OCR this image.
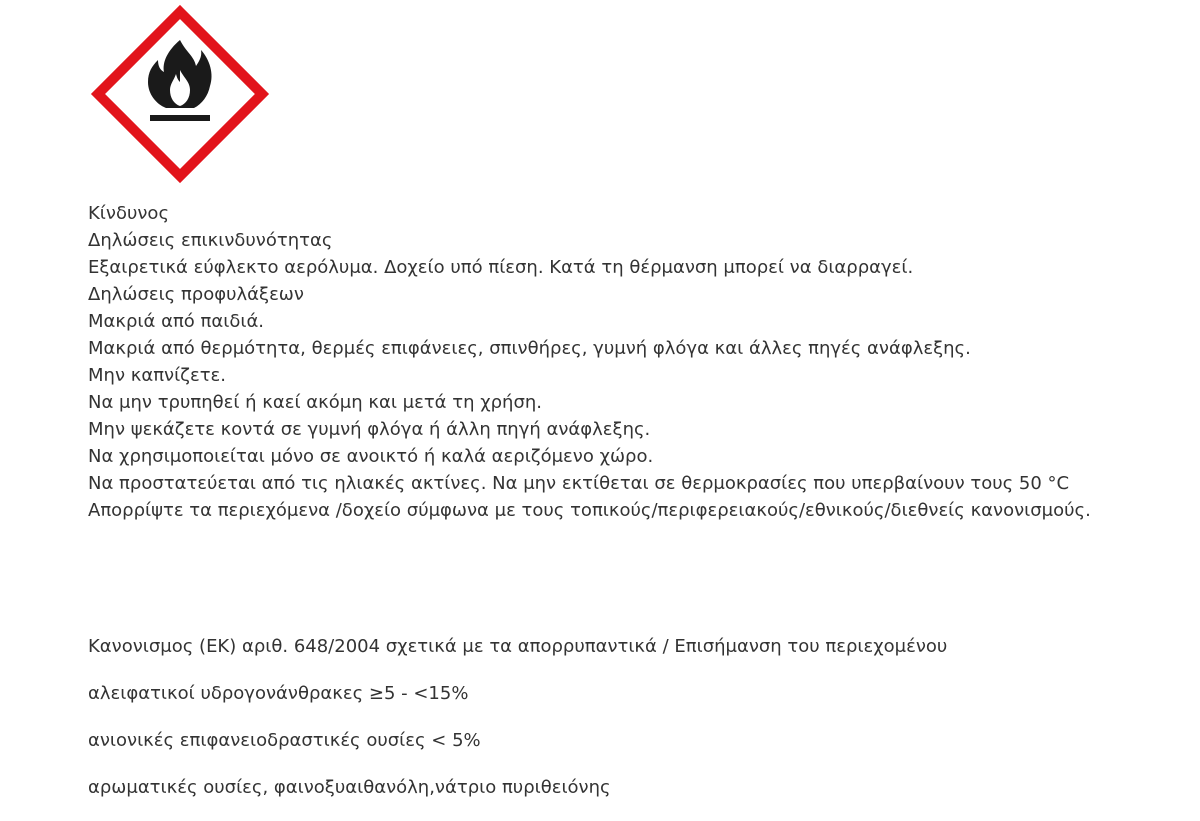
Κίνδυνος

Δηλώσεις επικινδυνότητας

Εξαιρετικά εύφλεκτο αερόλυμα. Δοχείο υπό πίεση. Κατά τη θέρμανση μπορεί να διαρραγεί.

Δηλώσεις προφυλάξεων

Μακριά από παιδιά.

Μακριά από θερμότητα, θερμές επιφάνειες, σπινθήρες, γυμνή φλόγα και άλλες πηγές ανάφλεξης.

Μην καπνίζετε.

Να μην τρυπηθεί ή καεί ακόμη και μετά τη χρήση.

Μην ψεκάζετε κοντά σε γυμνή φλόγα ή άλλη πηγή ανάφλεξης.

Να χρησιμοποιείται μόνο σε ανοικτό ή καλά αεριζόμενο χώρο.

Να προστατεύεται από τις ηλιακές ακτίνες. Να μην εκτίθεται σε θερμοκρασίες που υπερβαίνουν τους 50 °C

Απορρίψτε τα περιεχόμενα /δοχείο σύμφωνα με τους τοπικούς/περιφερειακούς/εθνικούς/διεθνείς κανονισμούς.

Κανονισμος (ΕΚ) αριθ. 648/2004 σχετικά με τα απορρυπαντικά / Επισήμανση του περιεχομένου

αλειφατικοί υδρογονάνθρακες ≥5 - <15%

ανιονικές επιφανειοδραστικές ουσίες < 5%

αρωματικές ουσίες, φαινοξυαιθανόλη,νάτριο πυριθειόνης
